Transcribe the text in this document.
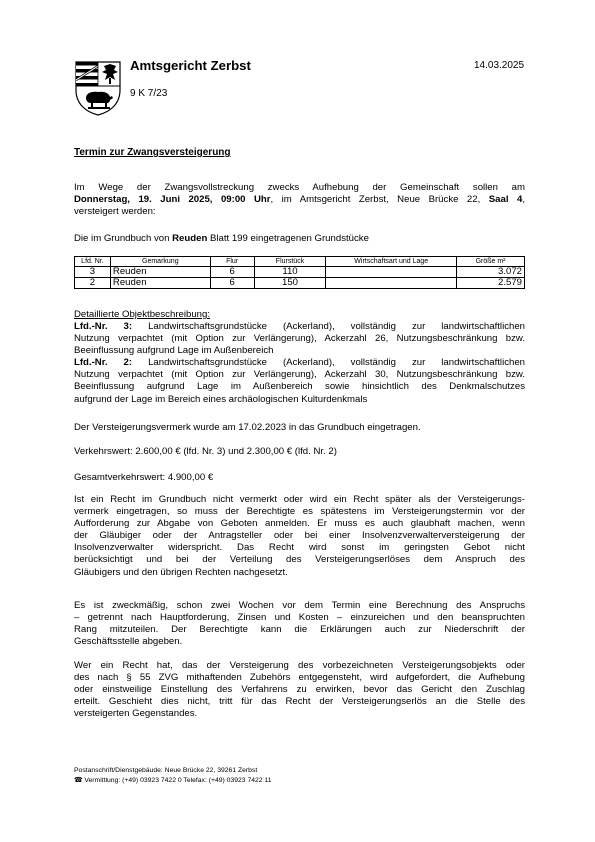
Amtsgericht Zerbst	14.03.2025
9 K 7/23
Termin zur Zwangsversteigerung
Im Wege der Zwangsvollstreckung zwecks Aufhebung der Gemeinschaft sollen am
Donnerstag, 19. Juni 2025, 09:00 Uhr, im Amtsgericht Zerbst, Neue Brücke 22, Saal 4,
versteigert werden:
Die im Grundbuch von Reuden Blatt 199 eingetragenen Grundstücke
Lfd. Nr.	Gemarkung	Flur	Flurstück	Wirtschaftsart und Lage	Größe m²
3	Reuden	6	110		3.072
2	Reuden	6	150		2.579
Detaillierte Objektbeschreibung:
Lfd.-Nr. 3: Landwirtschaftsgrundstücke (Ackerland), vollständig zur landwirtschaftlichen
Nutzung verpachtet (mit Option zur Verlängerung), Ackerzahl 26, Nutzungsbeschränkung bzw.
Beeinflussung aufgrund Lage im Außenbereich
Lfd.-Nr. 2: Landwirtschaftsgrundstücke (Ackerland), vollständig zur landwirtschaftlichen
Nutzung verpachtet (mit Option zur Verlängerung), Ackerzahl 30, Nutzungsbeschränkung bzw.
Beeinflussung aufgrund Lage im Außenbereich sowie hinsichtlich des Denkmalschutzes
aufgrund der Lage im Bereich eines archäologischen Kulturdenkmals
Der Versteigerungsvermerk wurde am 17.02.2023 in das Grundbuch eingetragen.
Verkehrswert: 2.600,00 € (lfd. Nr. 3) und 2.300,00 € (lfd. Nr. 2)
Gesamtverkehrswert: 4.900,00 €
Ist ein Recht im Grundbuch nicht vermerkt oder wird ein Recht später als der Versteigerungs-
vermerk eingetragen, so muss der Berechtigte es spätestens im Versteigerungstermin vor der
Aufforderung zur Abgabe von Geboten anmelden. Er muss es auch glaubhaft machen, wenn
der Gläubiger oder der Antragsteller oder bei einer Insolvenzverwalterversteigerung der
Insolvenzverwalter widerspricht. Das Recht wird sonst im geringsten Gebot nicht
berücksichtigt und bei der Verteilung des Versteigerungserlöses dem Anspruch des
Gläubigers und den übrigen Rechten nachgesetzt.
Es ist zweckmäßig, schon zwei Wochen vor dem Termin eine Berechnung des Anspruchs
– getrennt nach Hauptforderung, Zinsen und Kosten – einzureichen und den beanspruchten
Rang mitzuteilen. Der Berechtigte kann die Erklärungen auch zur Niederschrift der
Geschäftsstelle abgeben.
Wer ein Recht hat, das der Versteigerung des vorbezeichneten Versteigerungsobjekts oder
des nach § 55 ZVG mithaftenden Zubehörs entgegensteht, wird aufgefordert, die Aufhebung
oder einstweilige Einstellung des Verfahrens zu erwirken, bevor das Gericht den Zuschlag
erteilt. Geschieht dies nicht, tritt für das Recht der Versteigerungserlös an die Stelle des
versteigerten Gegenstandes.
Postanschrift/Dienstgebäude: Neue Brücke 22, 39261 Zerbst
☎ Vermittlung: (+49) 03923 7422 0 Telefax: (+49) 03923 7422 11
